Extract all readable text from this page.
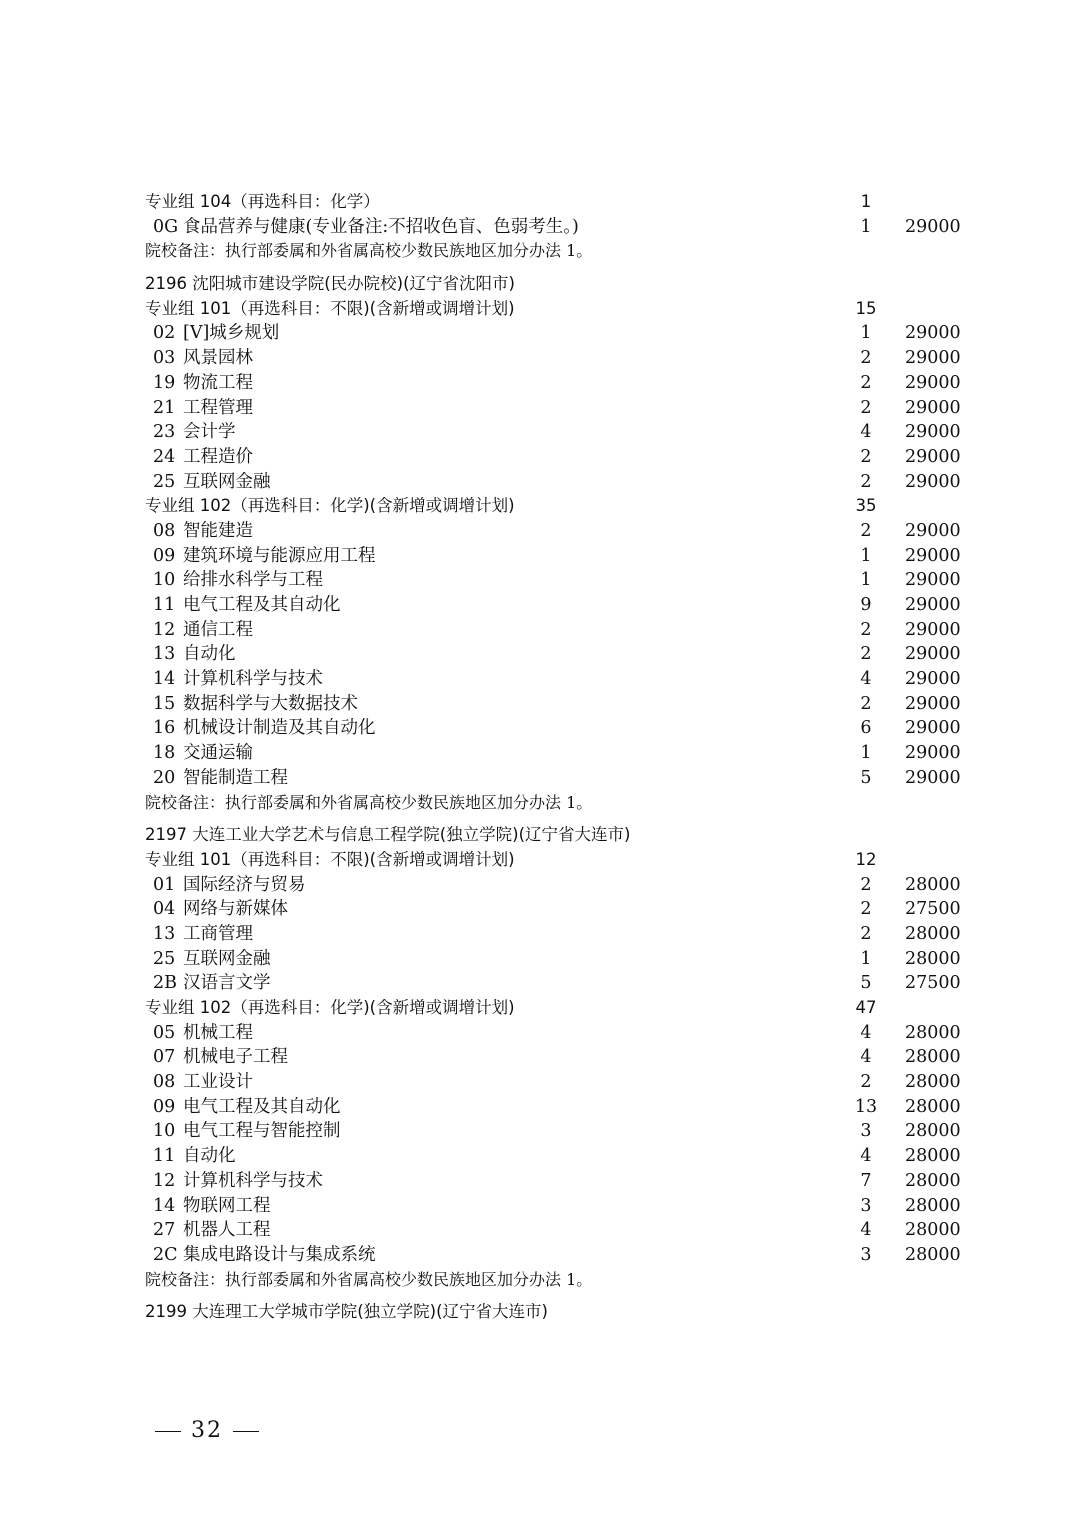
专业组 104（再选科目：化学）	1
0G 食品营养与健康(专业备注:不招收色盲、色弱考生。)	1	29000
院校备注：执行部委属和外省属高校少数民族地区加分办法 1。
2196 沈阳城市建设学院(民办院校)(辽宁省沈阳市)
专业组 101（再选科目：不限)(含新增或调增计划)	15
02 [V]城乡规划	1	29000
03 风景园林	2	29000
19 物流工程	2	29000
21 工程管理	2	29000
23 会计学	4	29000
24 工程造价	2	29000
25 互联网金融	2	29000
专业组 102（再选科目：化学)(含新增或调增计划)	35
08 智能建造	2	29000
09 建筑环境与能源应用工程	1	29000
10 给排水科学与工程	1	29000
11 电气工程及其自动化	9	29000
12 通信工程	2	29000
13 自动化	2	29000
14 计算机科学与技术	4	29000
15 数据科学与大数据技术	2	29000
16 机械设计制造及其自动化	6	29000
18 交通运输	1	29000
20 智能制造工程	5	29000
院校备注：执行部委属和外省属高校少数民族地区加分办法 1。
2197 大连工业大学艺术与信息工程学院(独立学院)(辽宁省大连市)
专业组 101（再选科目：不限)(含新增或调增计划)	12
01 国际经济与贸易	2	28000
04 网络与新媒体	2	27500
13 工商管理	2	28000
25 互联网金融	1	28000
2B 汉语言文学	5	27500
专业组 102（再选科目：化学)(含新增或调增计划)	47
05 机械工程	4	28000
07 机械电子工程	4	28000
08 工业设计	2	28000
09 电气工程及其自动化	13	28000
10 电气工程与智能控制	3	28000
11 自动化	4	28000
12 计算机科学与技术	7	28000
14 物联网工程	3	28000
27 机器人工程	4	28000
2C 集成电路设计与集成系统	3	28000
院校备注：执行部委属和外省属高校少数民族地区加分办法 1。
2199 大连理工大学城市学院(独立学院)(辽宁省大连市)
32
